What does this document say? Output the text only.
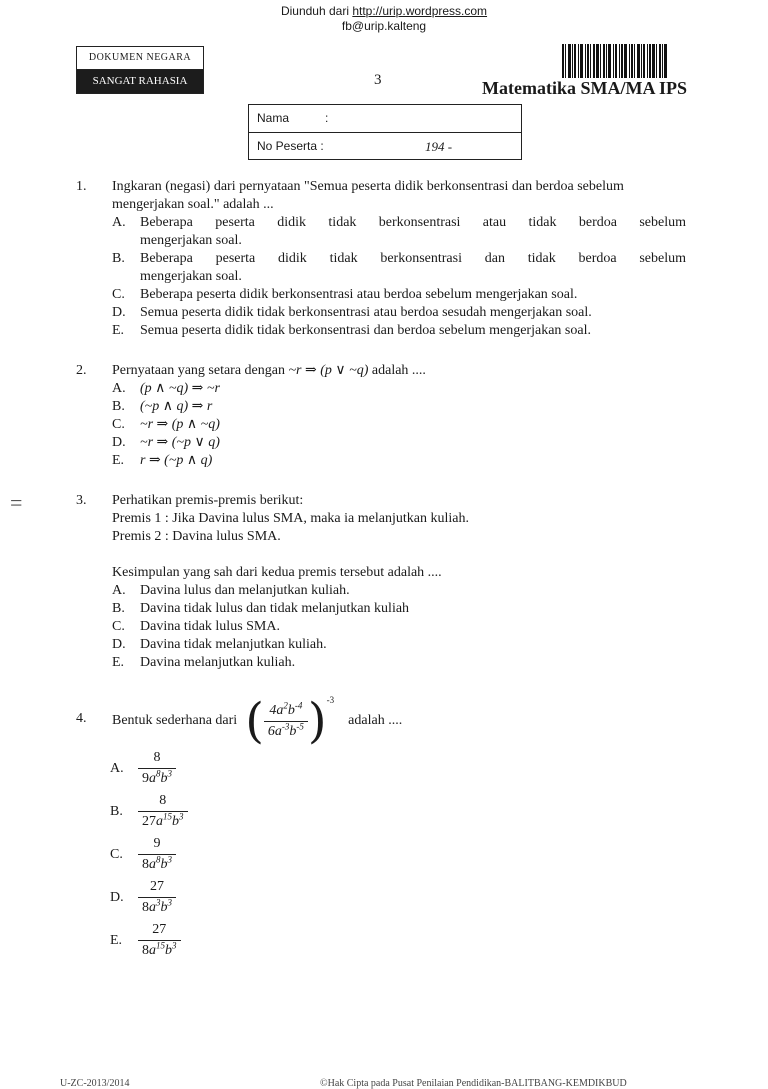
Diunduh dari http://urip.wordpress.com
fb@urip.kalteng
DOKUMEN NEGARA
SANGAT RAHASIA	3	Matematika SMA/MA IPS
Nama	:
No Peserta :	194 -
1. Ingkaran (negasi) dari pernyataan "Semua peserta didik berkonsentrasi dan berdoa sebelum
mengerjakan soal." adalah ...
A. Beberapa peserta didik tidak berkonsentrasi atau tidak berdoa sebelum
mengerjakan soal.
B. Beberapa peserta didik tidak berkonsentrasi dan tidak berdoa sebelum
mengerjakan soal.
C. Beberapa peserta didik berkonsentrasi atau berdoa sebelum mengerjakan soal.
D. Semua peserta didik tidak berkonsentrasi atau berdoa sesudah mengerjakan soal.
E. Semua peserta didik tidak berkonsentrasi dan berdoa sebelum mengerjakan soal.
2. Pernyataan yang setara dengan ~r ⇒ (p ∨ ~q) adalah ....
A. (p ∧ ~q) ⇒ ~r
B. (~p ∧ q) ⇒ r
C. ~r ⇒ (p ∧ ~q)
D. ~r ⇒ (~p ∨ q)
E. r ⇒ (~p ∧ q)
=	3. Perhatikan premis-premis berikut:
Premis 1 : Jika Davina lulus SMA, maka ia melanjutkan kuliah.
Premis 2 : Davina lulus SMA.
Kesimpulan yang sah dari kedua premis tersebut adalah ....
A. Davina lulus dan melanjutkan kuliah.
B. Davina tidak lulus dan tidak melanjutkan kuliah
C. Davina tidak lulus SMA.
D. Davina tidak melanjutkan kuliah.
E. Davina melanjutkan kuliah.
4. Bentuk sederhana dari ( $\frac{4a^2b^{-4}}{6a^{-3}b^{-5}} )^{-3}$
adalah ....
A. $\frac{8}{9a^8b^3}$
B. $\frac{8}{27a^{15}b^3}$
C. $\frac{9}{8a^8b^3}$
D. $\frac{27}{8a^3b^3}$
E. $\frac{27}{8a^{15}b^3}$
U-ZC-2013/2014	©Hak Cipta pada Pusat Penilaian Pendidikan-BALITBANG-KEMDIKBUD
